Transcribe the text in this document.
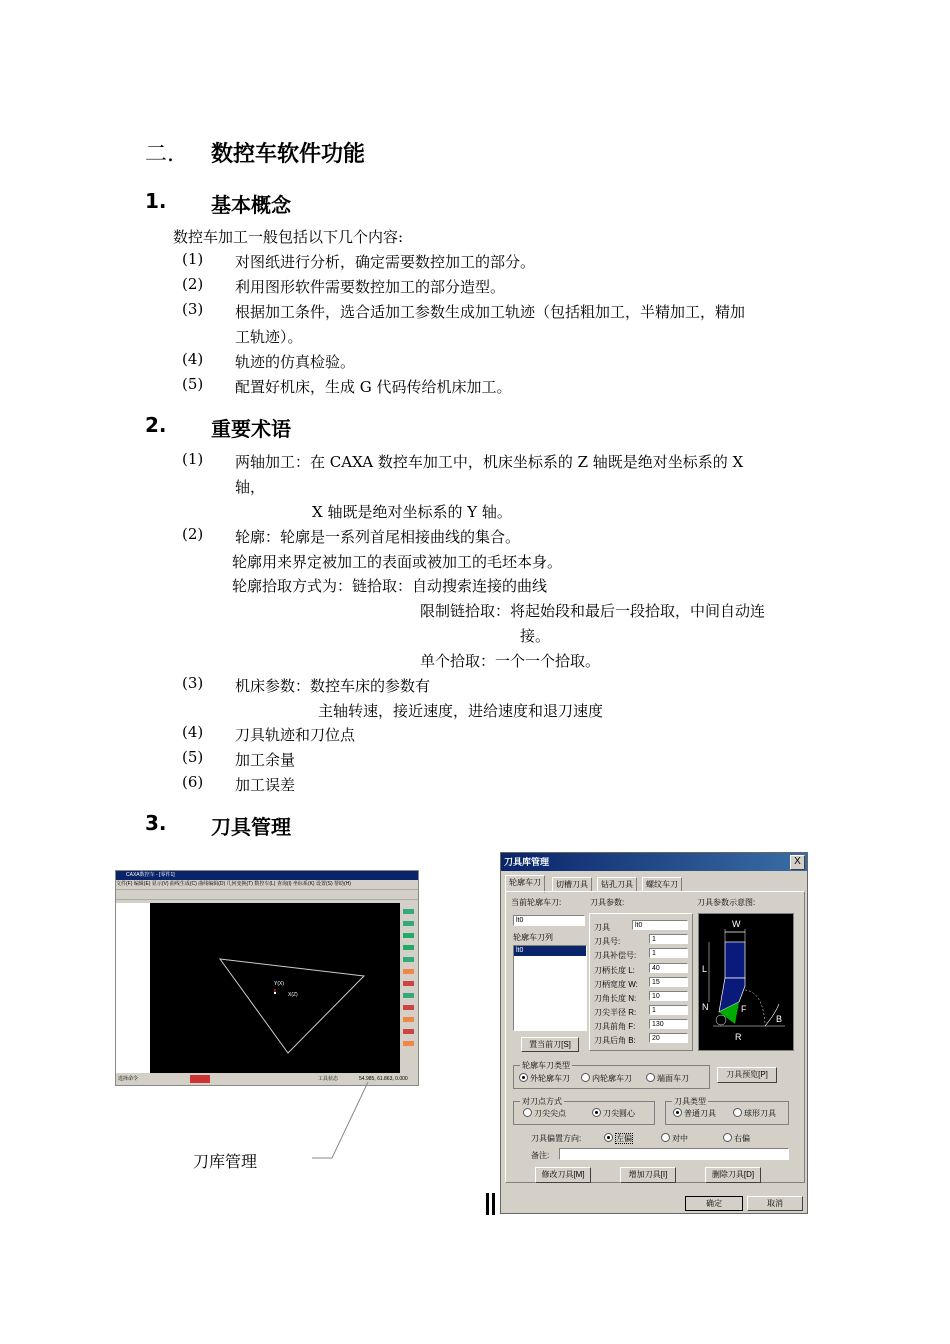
二. 数控车软件功能
1. 基本概念
数控车加工一般包括以下几个内容:
(1) 对图纸进行分析，确定需要数控加工的部分。
(2) 利用图形软件需要数控加工的部分造型。
(3) 根据加工条件，选合适加工参数生成加工轨迹（包括粗加工，半精加工，精加
工轨迹）。
(4) 轨迹的仿真检验。
(5) 配置好机床，生成 G 代码传给机床加工。
2. 重要术语
(1) 两轴加工：在 CAXA 数控车加工中，机床坐标系的 Z 轴既是绝对坐标系的 X
轴，
X 轴既是绝对坐标系的 Y 轴。
(2) 轮廓：轮廓是一系列首尾相接曲线的集合。
轮廓用来界定被加工的表面或被加工的毛坯本身。
轮廓拾取方式为：链拾取：自动搜索连接的曲线
限制链拾取：将起始段和最后一段拾取，中间自动连
接。
单个拾取：一个一个拾取。
(3) 机床参数：数控车床的参数有
主轴转速，接近速度，进给速度和退刀速度
(4) 刀具轨迹和刀位点
(5) 加工余量
(6) 加工误差
3. 刀具管理
CAXA数控车 - [零件1]
文件(F) 编辑(E) 显示(V) 曲线生成(C) 曲线编辑(D) 几何变换(T) 数控车(L) 查询(I) 坐标系(K) 设置(S) 帮助(H)
Y(X)
X(Z)
选择命令	工具状态	54.985, 61.863, 0.000
刀库管理
刀具库管理	X
轮廓车刀	切槽刀具	钻孔刀具	螺纹车刀
当前轮廓车刀:	刀具参数:	刀具参数示意图:
lt0
轮廓车刀列
lt0
置当前刀[S]
刀具	lt0
刀具号:	1
刀具补偿号:	1
刀柄长度 L:	40
刀柄宽度 W:	15
刀角长度 N:	10
刀尖半径 R:	1
刀具前角 F:	130
刀具后角 B:	20
W
L
N	F
B
R
轮廓车刀类型
外轮廓车刀	内轮廓车刀	端面车刀	刀具预览[P]
对刀点方式
刀尖尖点	刀尖圆心
刀具类型
普通刀具	球形刀具
刀具偏置方向:	左偏	对中	右偏
备注:
修改刀具[M]	增加刀具[I]	删除刀具[D]
确定	取消
